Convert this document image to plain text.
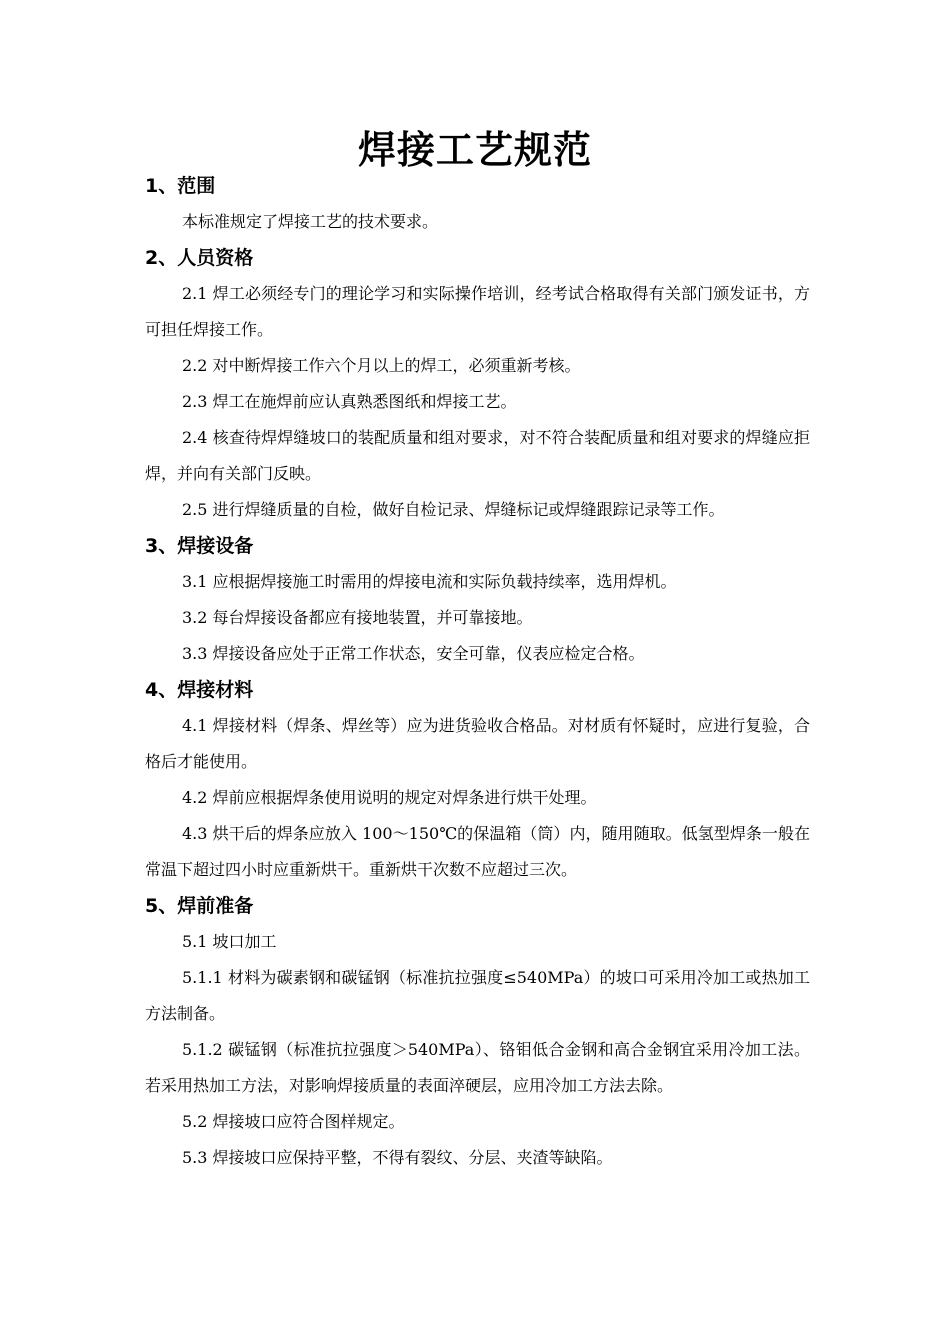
焊接工艺规范
1、范围

本标准规定了焊接工艺的技术要求。

2、人员资格

2.1 焊工必须经专门的理论学习和实际操作培训，经考试合格取得有关部门颁发证书，方可担任焊接工作。

2.2 对中断焊接工作六个月以上的焊工，必须重新考核。

2.3 焊工在施焊前应认真熟悉图纸和焊接工艺。

2.4 核查待焊焊缝坡口的装配质量和组对要求，对不符合装配质量和组对要求的焊缝应拒焊，并向有关部门反映。

2.5 进行焊缝质量的自检，做好自检记录、焊缝标记或焊缝跟踪记录等工作。

3、焊接设备

3.1 应根据焊接施工时需用的焊接电流和实际负载持续率，选用焊机。

3.2 每台焊接设备都应有接地装置，并可靠接地。

3.3 焊接设备应处于正常工作状态，安全可靠，仪表应检定合格。

4、焊接材料

4.1 焊接材料（焊条、焊丝等）应为进货验收合格品。对材质有怀疑时，应进行复验，合格后才能使用。

4.2 焊前应根据焊条使用说明的规定对焊条进行烘干处理。

4.3 烘干后的焊条应放入 100～150℃的保温箱（筒）内，随用随取。低氢型焊条一般在常温下超过四小时应重新烘干。重新烘干次数不应超过三次。

5、焊前准备

5.1 坡口加工

5.1.1 材料为碳素钢和碳锰钢（标准抗拉强度≤540MPa）的坡口可采用冷加工或热加工方法制备。

5.1.2 碳锰钢（标准抗拉强度＞540MPa）、铬钼低合金钢和高合金钢宜采用冷加工法。若采用热加工方法，对影响焊接质量的表面淬硬层，应用冷加工方法去除。

5.2 焊接坡口应符合图样规定。

5.3 焊接坡口应保持平整，不得有裂纹、分层、夹渣等缺陷。
